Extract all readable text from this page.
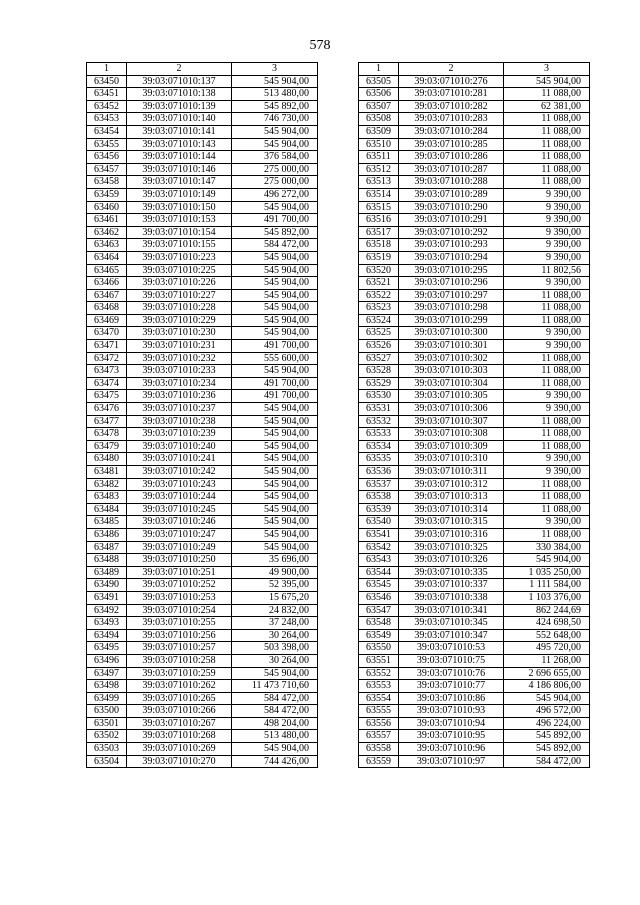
578
1	2	3
63450	39:03:071010:137	545 904,00
63451	39:03:071010:138	513 480,00
63452	39:03:071010:139	545 892,00
63453	39:03:071010:140	746 730,00
63454	39:03:071010:141	545 904,00
63455	39:03:071010:143	545 904,00
63456	39:03:071010:144	376 584,00
63457	39:03:071010:146	275 000,00
63458	39:03:071010:147	275 000,00
63459	39:03:071010:149	496 272,00
63460	39:03:071010:150	545 904,00
63461	39:03:071010:153	491 700,00
63462	39:03:071010:154	545 892,00
63463	39:03:071010:155	584 472,00
63464	39:03:071010:223	545 904,00
63465	39:03:071010:225	545 904,00
63466	39:03:071010:226	545 904,00
63467	39:03:071010:227	545 904,00
63468	39:03:071010:228	545 904,00
63469	39:03:071010:229	545 904,00
63470	39:03:071010:230	545 904,00
63471	39:03:071010:231	491 700,00
63472	39:03:071010:232	555 600,00
63473	39:03:071010:233	545 904,00
63474	39:03:071010:234	491 700,00
63475	39:03:071010:236	491 700,00
63476	39:03:071010:237	545 904,00
63477	39:03:071010:238	545 904,00
63478	39:03:071010:239	545 904,00
63479	39:03:071010:240	545 904,00
63480	39:03:071010:241	545 904,00
63481	39:03:071010:242	545 904,00
63482	39:03:071010:243	545 904,00
63483	39:03:071010:244	545 904,00
63484	39:03:071010:245	545 904,00
63485	39:03:071010:246	545 904,00
63486	39:03:071010:247	545 904,00
63487	39:03:071010:249	545 904,00
63488	39:03:071010:250	35 696,00
63489	39:03:071010:251	49 900,00
63490	39:03:071010:252	52 395,00
63491	39:03:071010:253	15 675,20
63492	39:03:071010:254	24 832,00
63493	39:03:071010:255	37 248,00
63494	39:03:071010:256	30 264,00
63495	39:03:071010:257	503 398,00
63496	39:03:071010:258	30 264,00
63497	39:03:071010:259	545 904,00
63498	39:03:071010:262	11 473 710,60
63499	39:03:071010:265	584 472,00
63500	39:03:071010:266	584 472,00
63501	39:03:071010:267	498 204,00
63502	39:03:071010:268	513 480,00
63503	39:03:071010:269	545 904,00
63504	39:03:071010:270	744 426,00
1	2	3
63505	39:03:071010:276	545 904,00
63506	39:03:071010:281	11 088,00
63507	39:03:071010:282	62 381,00
63508	39:03:071010:283	11 088,00
63509	39:03:071010:284	11 088,00
63510	39:03:071010:285	11 088,00
63511	39:03:071010:286	11 088,00
63512	39:03:071010:287	11 088,00
63513	39:03:071010:288	11 088,00
63514	39:03:071010:289	9 390,00
63515	39:03:071010:290	9 390,00
63516	39:03:071010:291	9 390,00
63517	39:03:071010:292	9 390,00
63518	39:03:071010:293	9 390,00
63519	39:03:071010:294	9 390,00
63520	39:03:071010:295	11 802,56
63521	39:03:071010:296	9 390,00
63522	39:03:071010:297	11 088,00
63523	39:03:071010:298	11 088,00
63524	39:03:071010:299	11 088,00
63525	39:03:071010:300	9 390,00
63526	39:03:071010:301	9 390,00
63527	39:03:071010:302	11 088,00
63528	39:03:071010:303	11 088,00
63529	39:03:071010:304	11 088,00
63530	39:03:071010:305	9 390,00
63531	39:03:071010:306	9 390,00
63532	39:03:071010:307	11 088,00
63533	39:03:071010:308	11 088,00
63534	39:03:071010:309	11 088,00
63535	39:03:071010:310	9 390,00
63536	39:03:071010:311	9 390,00
63537	39:03:071010:312	11 088,00
63538	39:03:071010:313	11 088,00
63539	39:03:071010:314	11 088,00
63540	39:03:071010:315	9 390,00
63541	39:03:071010:316	11 088,00
63542	39:03:071010:325	330 384,00
63543	39:03:071010:326	545 904,00
63544	39:03:071010:335	1 035 250,00
63545	39:03:071010:337	1 111 584,00
63546	39:03:071010:338	1 103 376,00
63547	39:03:071010:341	862 244,69
63548	39:03:071010:345	424 698,50
63549	39:03:071010:347	552 648,00
63550	39:03:071010:53	495 720,00
63551	39:03:071010:75	11 268,00
63552	39:03:071010:76	2 696 655,00
63553	39:03:071010:77	4 186 806,00
63554	39:03:071010:86	545 904,00
63555	39:03:071010:93	496 572,00
63556	39:03:071010:94	496 224,00
63557	39:03:071010:95	545 892,00
63558	39:03:071010:96	545 892,00
63559	39:03:071010:97	584 472,00
